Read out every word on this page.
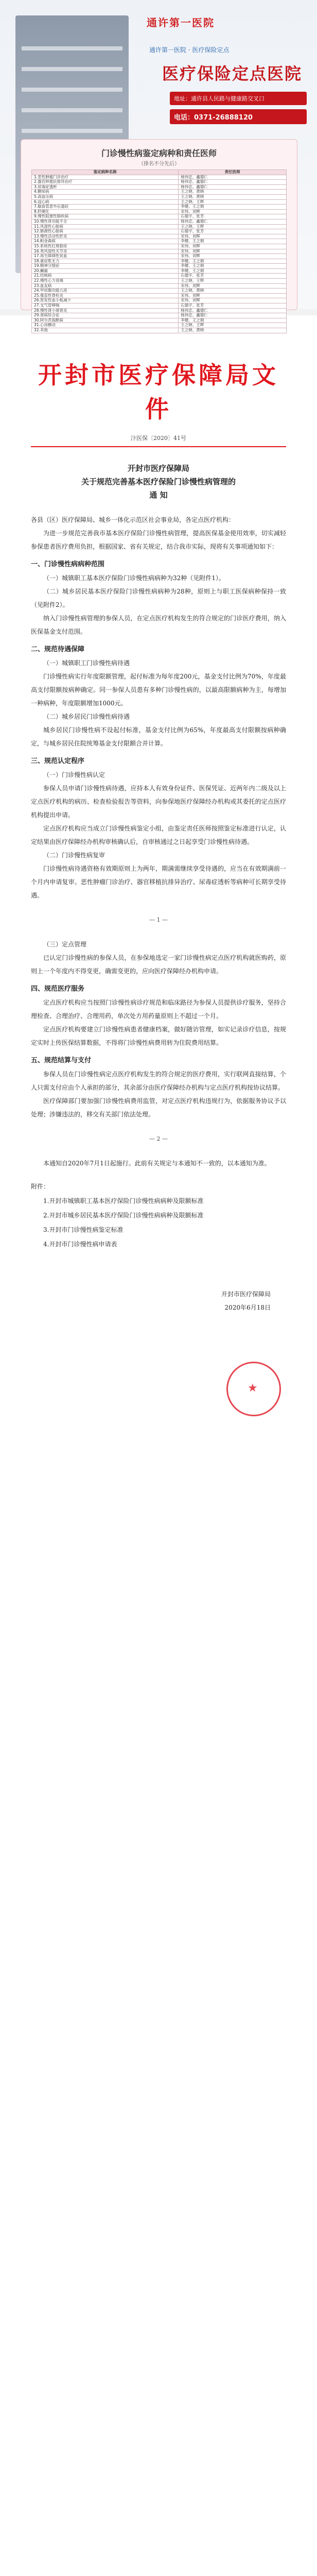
通许第一医院
通许第一医院 · 医疗保险定点
医疗保险定点医院
地址：通许县人民路与健康路交叉口
电话：0371-26888120
门诊慢性病鉴定病种和责任医师
（排名不分先后）
鉴定病种名称	责任医师
1.恶性肿瘤门诊治疗	杨伟忠、鑫德仁
2.器官移植抗排异治疗	杨伟忠、鑫德仁
3.尿毒症透析	杨伟忠、鑫德仁
4.糖尿病	王之晓、黄晓
5.高血压病	王之晓、黄晓
6.冠心病	王之晓、王辉
7.脑血管意外后遗症	李健、王之娟
8.肝硬化	宋伟、刘辉
9.慢性阻塞性肺疾病	石德宇、张芳
10.慢性肾功能不全	杨伟忠、鑫德仁
11.风湿性心脏病	王之晓、王辉
12.肺源性心脏病	石德宇、张芳
13.慢性活动性肝炎	宋伟、刘辉
14.帕金森病	李健、王之娟
15.系统性红斑狼疮	宋伟、刘辉
16.类风湿性关节炎	宋伟、刘辉
17.再生障碍性贫血	宋伟、刘辉
18.重症肌无力	李健、王之娟
19.精神分裂症	李健、王之娟
20.癫痫	李健、王之娟
21.结核病	石德宇、张芳
22.慢性心力衰竭	王之晓、王辉
23.血友病	宋伟、刘辉
24.甲状腺功能亢进	王之晓、黄晓
25.强直性脊柱炎	宋伟、刘辉
26.原发性血小板减少	宋伟、刘辉
27.支气管哮喘	石德宇、张芳
28.慢性肾小球肾炎	杨伟忠、鑫德仁
29.肾病综合征	杨伟忠、鑫德仁
30.阿尔茨海默病	李健、王之娟
31.心房颤动	王之晓、王辉
32.其他	王之晓、黄晓
开封市医疗保障局文件
汴医保〔2020〕41号
开封市医疗保障局
关于规范完善基本医疗保险门诊慢性病管理的
通 知

各县（区）医疗保障局、城乡一体化示范区社会事业局，各定点医疗机构：

为进一步规范完善我市基本医疗保险门诊慢性病管理，提高医保基金使用效率，切实减轻参保患者医疗费用负担，根据国家、省有关规定，结合我市实际，现将有关事项通知如下：

一、门诊慢性病病种范围

（一）城镇职工基本医疗保险门诊慢性病病种为32种（见附件1）。

（二）城乡居民基本医疗保险门诊慢性病病种为28种，原则上与职工医保病种保持一致（见附件2）。

纳入门诊慢性病管理的参保人员，在定点医疗机构发生的符合规定的门诊医疗费用，纳入医保基金支付范围。

二、规范待遇保障

（一）城镇职工门诊慢性病待遇

门诊慢性病实行年度限额管理，起付标准为每年度200元，基金支付比例为70%，年度最高支付限额按病种确定。同一参保人员患有多种门诊慢性病的，以最高限额病种为主，每增加一种病种，年度限额增加1000元。

（二）城乡居民门诊慢性病待遇

城乡居民门诊慢性病不设起付标准，基金支付比例为65%，年度最高支付限额按病种确定，与城乡居民住院统筹基金支付限额合并计算。

三、规范认定程序

（一）门诊慢性病认定

参保人员申请门诊慢性病待遇，应持本人有效身份证件、医保凭证、近两年内二级及以上定点医疗机构的病历、检查检验报告等资料，向参保地医疗保障经办机构或其委托的定点医疗机构提出申请。

定点医疗机构应当成立门诊慢性病鉴定小组，由鉴定责任医师按照鉴定标准进行认定，认定结果由医疗保障经办机构审核确认后，自审核通过之日起享受门诊慢性病待遇。

（二）门诊慢性病复审

门诊慢性病待遇资格有效期原则上为两年，期满需继续享受待遇的，应当在有效期满前一个月内申请复审。恶性肿瘤门诊治疗、器官移植抗排异治疗、尿毒症透析等病种可长期享受待遇。

— 1 —

（三）定点管理

已认定门诊慢性病的参保人员，在参保地选定一家门诊慢性病定点医疗机构就医购药，原则上一个年度内不得变更，确需变更的，应向医疗保障经办机构申请。

四、规范医疗服务

定点医疗机构应当按照门诊慢性病诊疗规范和临床路径为参保人员提供诊疗服务，坚持合理检查、合理治疗、合理用药，单次处方用药量原则上不超过一个月。

定点医疗机构要建立门诊慢性病患者健康档案，做好随访管理，如实记录诊疗信息，按规定实时上传医保结算数据，不得将门诊慢性病费用转为住院费用结算。

五、规范结算与支付

参保人员在门诊慢性病定点医疗机构发生的符合规定的医疗费用，实行联网直接结算，个人只需支付应由个人承担的部分，其余部分由医疗保障经办机构与定点医疗机构按协议结算。

医疗保障部门要加强门诊慢性病费用监管，对定点医疗机构违规行为，依据服务协议予以处理；涉嫌违法的，移交有关部门依法处理。

— 2 —

本通知自2020年7月1日起施行。此前有关规定与本通知不一致的，以本通知为准。

附件：

1.开封市城镇职工基本医疗保险门诊慢性病病种及限额标准

2.开封市城乡居民基本医疗保险门诊慢性病病种及限额标准

3.开封市门诊慢性病鉴定标准

4.开封市门诊慢性病申请表

开封市医疗保障局
2020年6月18日
★
